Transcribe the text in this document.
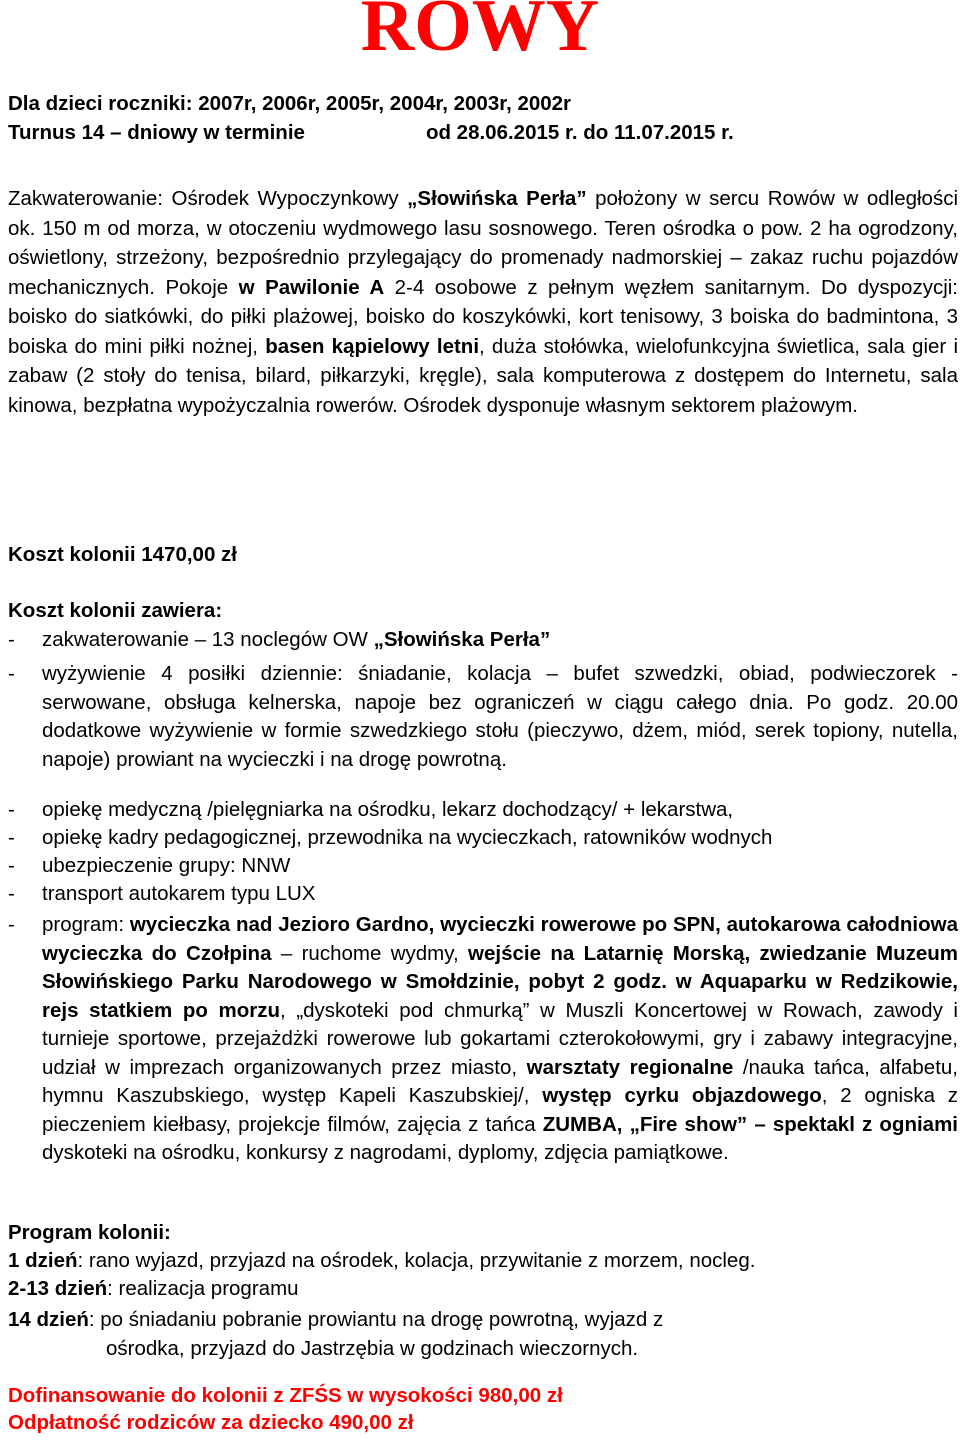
ROWY

Dla dzieci roczniki: 2007r, 2006r, 2005r, 2004r, 2003r, 2002r

Turnus 14 – dniowy w terminie	od 28.06.2015 r. do 11.07.2015 r.

Zakwaterowanie: Ośrodek Wypoczynkowy „Słowińska Perła” położony w sercu Rowów w odległości ok. 150 m od morza, w otoczeniu wydmowego lasu sosnowego. Teren ośrodka o pow. 2 ha ogrodzony, oświetlony, strzeżony, bezpośrednio przylegający do promenady nadmorskiej – zakaz ruchu pojazdów mechanicznych. Pokoje w Pawilonie A 2-4 osobowe z pełnym węzłem sanitarnym. Do dyspozycji: boisko do siatkówki, do piłki plażowej, boisko do koszykówki, kort tenisowy, 3 boiska do badmintona, 3 boiska do mini piłki nożnej, basen kąpielowy letni, duża stołówka, wielofunkcyjna świetlica, sala gier i zabaw (2 stoły do tenisa, bilard, piłkarzyki, kręgle), sala komputerowa z dostępem do Internetu, sala kinowa, bezpłatna wypożyczalnia rowerów. Ośrodek dysponuje własnym sektorem plażowym.

Koszt kolonii 1470,00 zł

Koszt kolonii zawiera:

- zakwaterowanie – 13 noclegów OW „Słowińska Perła”
- wyżywienie 4 posiłki dziennie: śniadanie, kolacja – bufet szwedzki, obiad, podwieczorek - serwowane, obsługa kelnerska, napoje bez ograniczeń w ciągu całego dnia. Po godz. 20.00 dodatkowe wyżywienie w formie szwedzkiego stołu (pieczywo, dżem, miód, serek topiony, nutella, napoje) prowiant na wycieczki i na drogę powrotną.
- opiekę medyczną /pielęgniarka na ośrodku, lekarz dochodzący/ + lekarstwa,
- opiekę kadry pedagogicznej, przewodnika na wycieczkach, ratowników wodnych
- ubezpieczenie grupy: NNW
- transport autokarem typu LUX
- program: wycieczka nad Jezioro Gardno, wycieczki rowerowe po SPN, autokarowa całodniowa wycieczka do Czołpina – ruchome wydmy, wejście na Latarnię Morską, zwiedzanie Muzeum Słowińskiego Parku Narodowego w Smołdzinie, pobyt 2 godz. w Aquaparku w Redzikowie, rejs statkiem po morzu, „dyskoteki pod chmurką” w Muszli Koncertowej w Rowach, zawody i turnieje sportowe, przejażdżki rowerowe lub gokartami czterokołowymi, gry i zabawy integracyjne, udział w imprezach organizowanych przez miasto, warsztaty regionalne /nauka tańca, alfabetu, hymnu Kaszubskiego, występ Kapeli Kaszubskiej/, występ cyrku objazdowego, 2 ogniska z pieczeniem kiełbasy, projekcje filmów, zajęcia z tańca ZUMBA, „Fire show” – spektakl z ogniami dyskoteki na ośrodku, konkursy z nagrodami, dyplomy, zdjęcia pamiątkowe.

Program kolonii:

1 dzień: rano wyjazd, przyjazd na ośrodek, kolacja, przywitanie z morzem, nocleg.

2-13 dzień: realizacja programu

14 dzień: po śniadaniu pobranie prowiantu na drogę powrotną, wyjazd z
ośrodka, przyjazd do Jastrzębia w godzinach wieczornych.

Dofinansowanie do kolonii z ZFŚS w wysokości 980,00 zł

Odpłatność rodziców za dziecko 490,00 zł
